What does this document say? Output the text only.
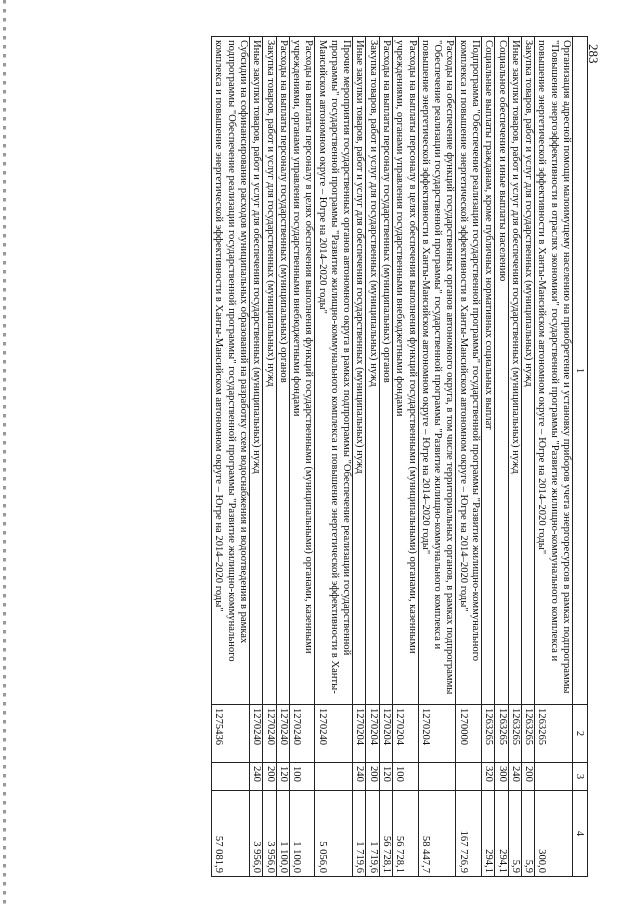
283
1	2	3	4
Организация адресной помощи малоимущему населению на приобретение и установку приборов учета энергоресурсов в рамках подпрограммы "Повышение энергоэффективности в отраслях экономики" государственной программы "Развитие жилищно-коммунального комплекса и повышение энергетической эффективности в Ханты-Мансийском автономном округе – Югре на 2014–2020 годы"	1263265		300,0
Закупка товаров, работ и услуг для государственных (муниципальных) нужд	1263265	200	5,9
Иные закупки товаров, работ и услуг для обеспечения государственных (муниципальных) нужд	1263265	240	5,9
Социальное обеспечение и иные выплаты населению	1263265	300	294,1
Социальные выплаты гражданам, кроме публичных нормативных социальных выплат	1263265	320	294,1
Подпрограмма "Обеспечение реализации государственной программы" государственной программы "Развитие жилищно-коммунального комплекса и повышение энергетической эффективности в Ханты-Мансийском автономном округе – Югре на 2014–2020 годы"	1270000		167 726,9
Расходы на обеспечение функций государственных органов автономного округа, в том числе территориальных органов, в рамках подпрограммы "Обеспечение реализации государственной программы" государственной программы "Развитие жилищно-коммунального комплекса и повышение энергетической эффективности в Ханты-Мансийском автономном округе – Югре на 2014–2020 годы"	1270204		58 447,7
Расходы на выплаты персоналу в целях обеспечения выполнения функций государственными (муниципальными) органами, казенными учреждениями, органами управления государственными внебюджетными фондами	1270204	100	56 728,1
Расходы на выплаты персоналу государственных (муниципальных) органов	1270204	120	56 728,1
Закупка товаров, работ и услуг для государственных (муниципальных) нужд	1270204	200	1 719,6
Иные закупки товаров, работ и услуг для обеспечения государственных (муниципальных) нужд	1270204	240	1 719,6
Прочие мероприятия государственных органов автономного округа в рамках подпрограммы "Обеспечение реализации государственной программы" государственной программы "Развитие жилищно-коммунального комплекса и повышение энергетической эффективности в Ханты-Мансийском автономном округе – Югре на 2014–2020 годы"	1270240		5 056,0
Расходы на выплаты персоналу в целях обеспечения выполнения функций государственными (муниципальными) органами, казенными учреждениями, органами управления государственными внебюджетными фондами	1270240	100	1 100,0
Расходы на выплаты персоналу государственных (муниципальных) органов	1270240	120	1 100,0
Закупка товаров, работ и услуг для государственных (муниципальных) нужд	1270240	200	3 956,0
Иные закупки товаров, работ и услуг для обеспечения государственных (муниципальных) нужд	1270240	240	3 956,0
Субсидии на софинансирование расходов муниципальных образований на разработку схем водоснабжения и водоотведения в рамках подпрограммы "Обеспечение реализации государственной программы" государственной программы "Развитие жилищно-коммунального комплекса и повышение энергетической эффективности в Ханты-Мансийском автономном округе – Югре на 2014–2020 годы"	1275436		57 081,9
